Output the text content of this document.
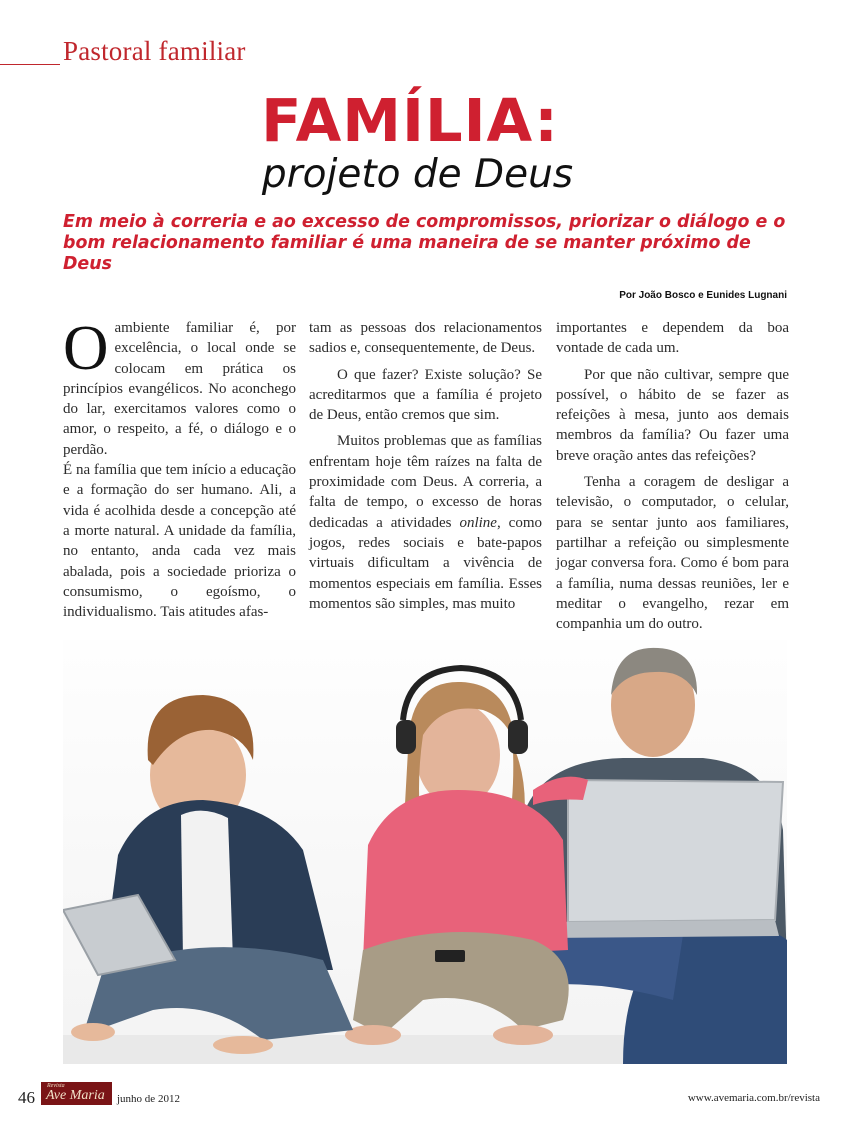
Pastoral familiar
FAMÍLIA:
projeto de Deus
Em meio à correria e ao excesso de compromissos, priorizar o diálogo e o bom relacionamento familiar é uma maneira de se manter próximo de Deus
Por João Bosco e Eunides Lugnani

O ambiente familiar é, por excelência, o local onde se colocam em prática os princípios evangélicos. No aconchego do lar, exercitamos valores como o amor, o respeito, a fé, o diálogo e o perdão.

É na família que tem início a educação e a formação do ser humano. Ali, a vida é acolhida desde a concepção até a morte natural. A unidade da família, no entanto, anda cada vez mais abalada, pois a sociedade prioriza o consumismo, o egoísmo, o individualismo. Tais atitudes afas-

tam as pessoas dos relacionamentos sadios e, consequentemente, de Deus.

O que fazer? Existe solução? Se acreditarmos que a família é projeto de Deus, então cremos que sim.

Muitos problemas que as famílias enfrentam hoje têm raízes na falta de proximidade com Deus. A correria, a falta de tempo, o excesso de horas dedicadas a atividades online, como jogos, redes sociais e bate-papos virtuais dificultam a vivência de momentos especiais em família. Esses momentos são simples, mas muito

importantes e dependem da boa vontade de cada um.

Por que não cultivar, sempre que possível, o hábito de se fazer as refeições à mesa, junto aos demais membros da família? Ou fazer uma breve oração antes das refeições?

Tenha a coragem de desligar a televisão, o computador, o celular, para se sentar junto aos familiares, partilhar a refeição ou simplesmente jogar conversa fora. Como é bom para a família, numa dessas reuniões, ler e meditar o evangelho, rezar em companhia um do outro.

46
Revista
Ave Maria junho de 2012	www.avemaria.com.br/revista
